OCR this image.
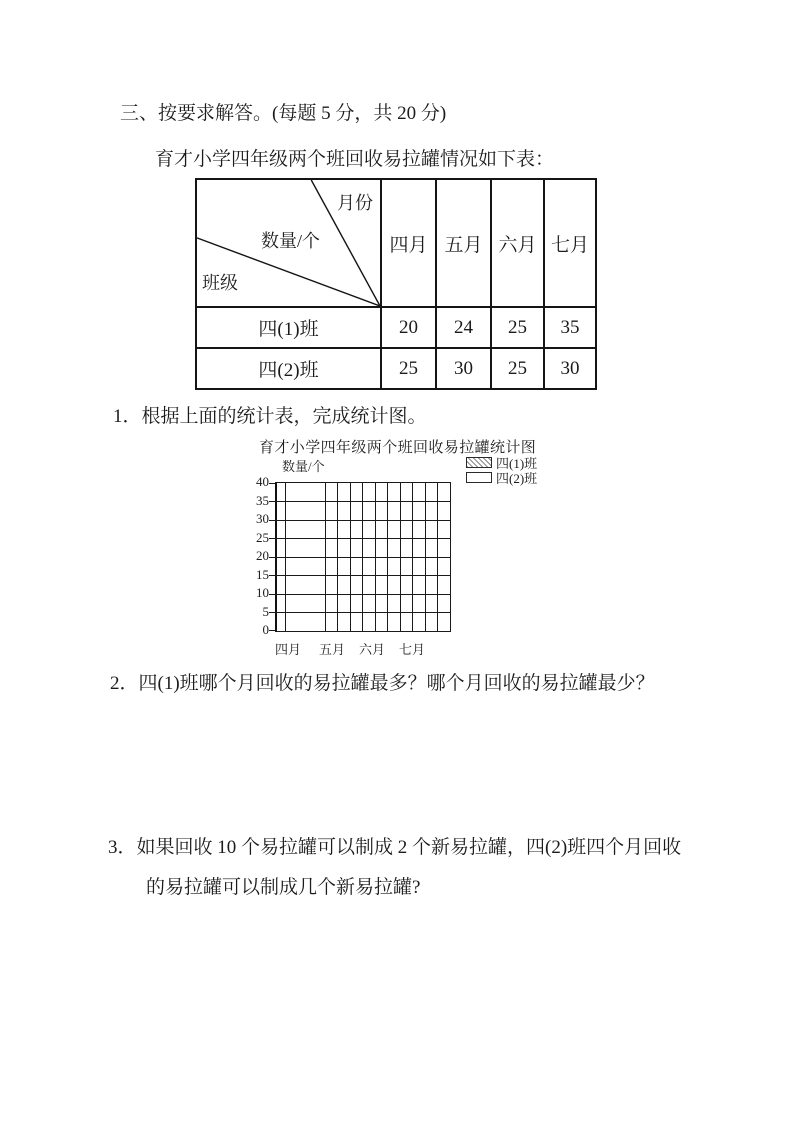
三、按要求解答。(每题 5 分，共 20 分)
育才小学四年级两个班回收易拉罐情况如下表：
月份
数量/个
班级	四月	五月	六月	七月
四(1)班	20	24	25	35
四(2)班	25	30	25	30
1．根据上面的统计表，完成统计图。
育才小学四年级两个班回收易拉罐统计图
数量/个
40
35
30
25
20
15
10
5
0
四月	五月	六月	七月
四(1)班
四(2)班
2．四(1)班哪个月回收的易拉罐最多？哪个月回收的易拉罐最少？
3．如果回收 10 个易拉罐可以制成 2 个新易拉罐，四(2)班四个月回收
的易拉罐可以制成几个新易拉罐?
